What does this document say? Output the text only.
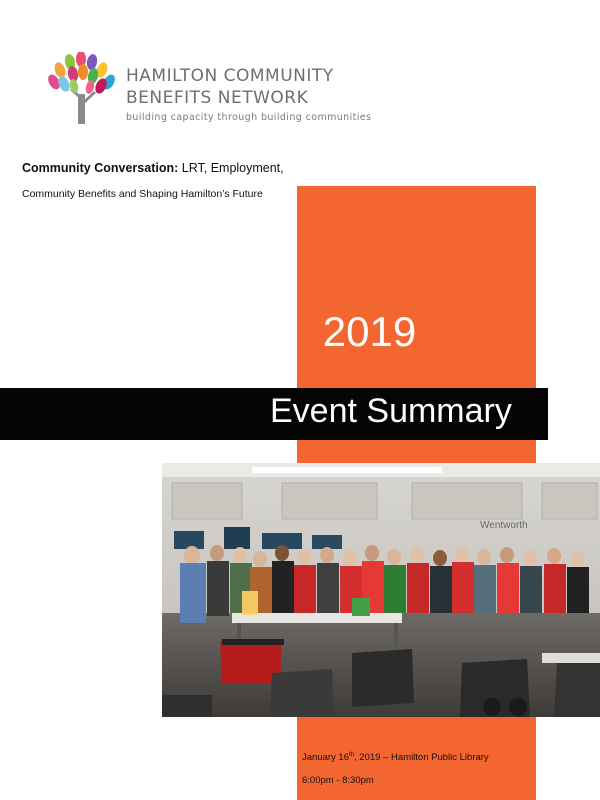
HAMILTON COMMUNITY
BENEFITS NETWORK
building capacity through building communities
Community Conversation: LRT, Employment,
Community Benefits and Shaping Hamilton’s Future
2019
Event Summary
Wentworth
January 16th, 2019 – Hamilton Public Library
6:00pm - 8:30pm
